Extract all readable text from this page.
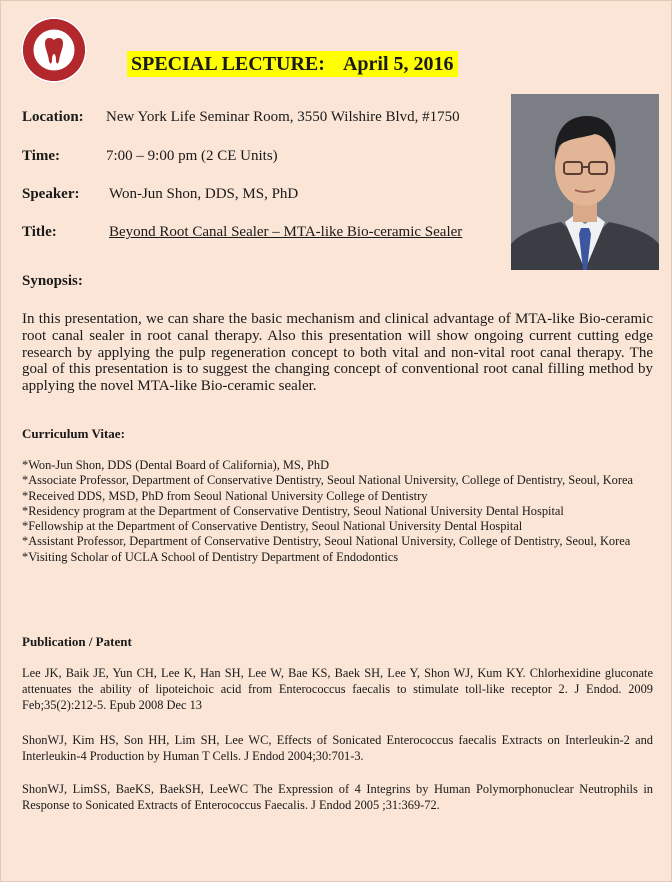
SPECIAL LECTURE: April 5, 2016
Location: New York Life Seminar Room, 3550 Wilshire Blvd, #1750
Time:	7:00 – 9:00 pm (2 CE Units)
Speaker: Won-Jun Shon, DDS, MS, PhD
Title:	Beyond Root Canal Sealer – MTA-like Bio-ceramic Sealer
Synopsis:

In this presentation, we can share the basic mechanism and clinical advantage of MTA-like Bio-ceramic root canal sealer in root canal therapy. Also this presentation will show ongoing current cutting edge research by applying the pulp regeneration concept to both vital and non-vital root canal therapy. The goal of this presentation is to suggest the changing concept of conventional root canal filling method by applying the novel MTA-like Bio-ceramic sealer.

Curriculum Vitae:
* Won-Jun Shon, DDS (Dental Board of California), MS, PhD
* Associate Professor, Department of Conservative Dentistry, Seoul National University, College of Dentistry, Seoul, Korea
* Received DDS, MSD, PhD from Seoul National University College of Dentistry
* Residency program at the Department of Conservative Dentistry, Seoul National University Dental Hospital
* Fellowship at the Department of Conservative Dentistry, Seoul National University Dental Hospital
* Assistant Professor, Department of Conservative Dentistry, Seoul National University, College of Dentistry, Seoul, Korea
* Visiting Scholar of UCLA School of Dentistry Department of Endodontics
Publication / Patent

Lee JK, Baik JE, Yun CH, Lee K, Han SH, Lee W, Bae KS, Baek SH, Lee Y, Shon WJ, Kum KY. Chlorhexidine gluconate attenuates the ability of lipoteichoic acid from Enterococcus faecalis to stimulate toll-like receptor 2. J Endod. 2009 Feb;35(2):212-5. Epub 2008 Dec 13

ShonWJ, Kim HS, Son HH, Lim SH, Lee WC, Effects of Sonicated Enterococcus faecalis Extracts on Interleukin-2 and Interleukin-4 Production by Human T Cells. J Endod 2004;30:701-3.

ShonWJ, LimSS, BaeKS, BaekSH, LeeWC The Expression of 4 Integrins by Human Polymorphonuclear Neutrophils in Response to Sonicated Extracts of Enterococcus Faecalis. J Endod 2005 ;31:369-72.
